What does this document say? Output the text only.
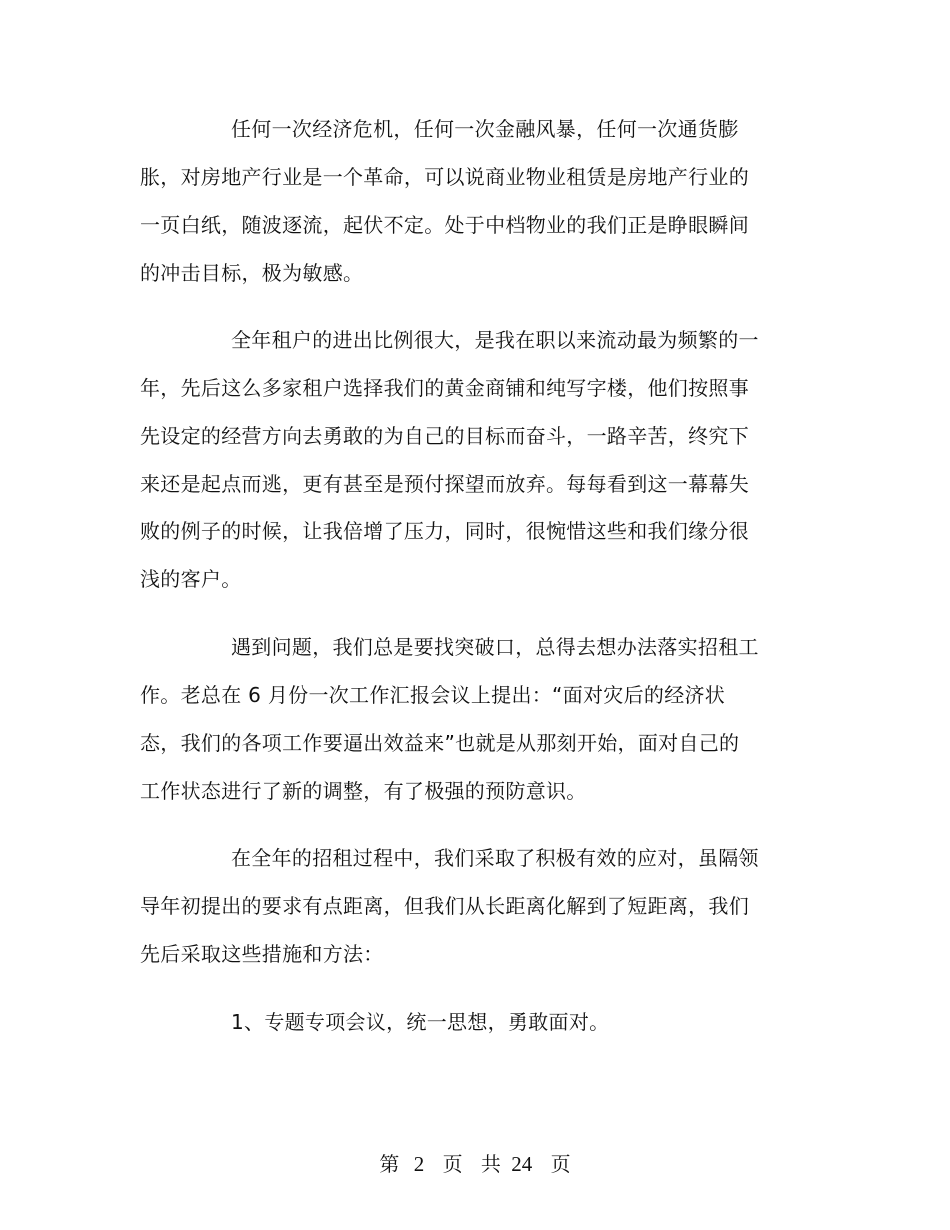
任何一次经济危机，任何一次金融风暴，任何一次通货膨
胀，对房地产行业是一个革命，可以说商业物业租赁是房地产行业的
一页白纸，随波逐流，起伏不定。处于中档物业的我们正是睁眼瞬间
的冲击目标，极为敏感。
全年租户的进出比例很大，是我在职以来流动最为频繁的一
年，先后这么多家租户选择我们的黄金商铺和纯写字楼，他们按照事
先设定的经营方向去勇敢的为自己的目标而奋斗，一路辛苦，终究下
来还是起点而逃，更有甚至是预付探望而放弃。每每看到这一幕幕失
败的例子的时候，让我倍增了压力，同时，很惋惜这些和我们缘分很
浅的客户。
遇到问题，我们总是要找突破口，总得去想办法落实招租工
作。老总在 6 月份一次工作汇报会议上提出：“面对灾后的经济状
态，我们的各项工作要逼出效益来”也就是从那刻开始，面对自己的
工作状态进行了新的调整，有了极强的预防意识。
在全年的招租过程中，我们采取了积极有效的应对，虽隔领
导年初提出的要求有点距离，但我们从长距离化解到了短距离，我们
先后采取这些措施和方法：
1、专题专项会议，统一思想，勇敢面对。
第 2 页 共 24 页
